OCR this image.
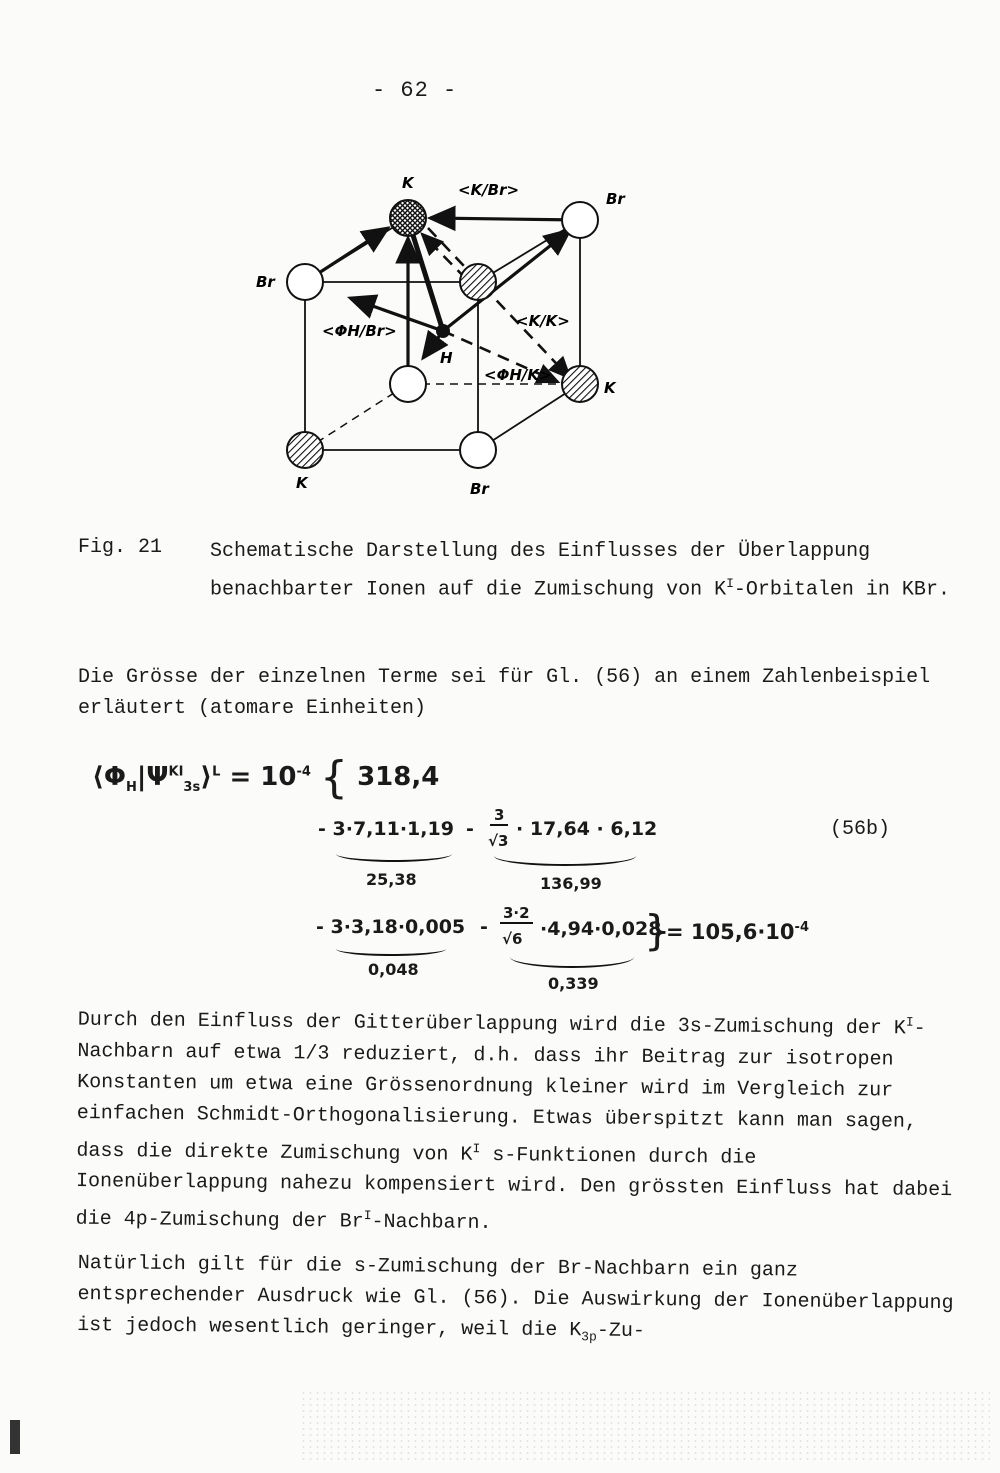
- 62 -
K	<K/Br>	Br
Br
<ΦH/Br>
<K/K>
H
<ΦH/K>
K
K	Br
Fig. 21 Schematische Darstellung des Einflusses der Überlappung benachbarter Ionen auf die Zumischung von $K^I$-Orbitalen in KBr.
Die Grösse der einzelnen Terme sei für Gl. (56) an einem Zahlenbeispiel erläutert (atomare Einheiten)
$⟨\Phi_H|\Psi^{KI}_{3s}⟩^L = 10^{-4}$ { 318,4
- 3·7,11·1,19
25,38
-
3
√3
· 17,64 · 6,12
136,99
(56b)
- 3·3,18·0,005
0,048
-
3·2
√6 ·4,94·0,028
0,339
}
= $105,6\cdot 10^{-4}$
Durch den Einfluss der Gitterüberlappung wird die 3s-Zumischung der $K^I$-Nachbarn auf etwa 1/3 reduziert, d.h. dass ihr Beitrag zur isotropen Konstanten um etwa eine Grössenordnung kleiner wird im Vergleich zur einfachen Schmidt-Orthogonalisierung. Etwas überspitzt kann man sagen, dass die direkte Zumischung von $K^I$ s-Funktionen durch die Ionenüberlappung nahezu kompensiert wird. Den grössten Einfluss hat dabei die 4p-Zumischung der $Br^I$-Nachbarn.
Natürlich gilt für die s-Zumischung der Br-Nachbarn ein ganz entsprechender Ausdruck wie Gl. (56). Die Auswirkung der Ionenüberlappung ist jedoch wesentlich geringer, weil die $K_{3p}-Zu-$
